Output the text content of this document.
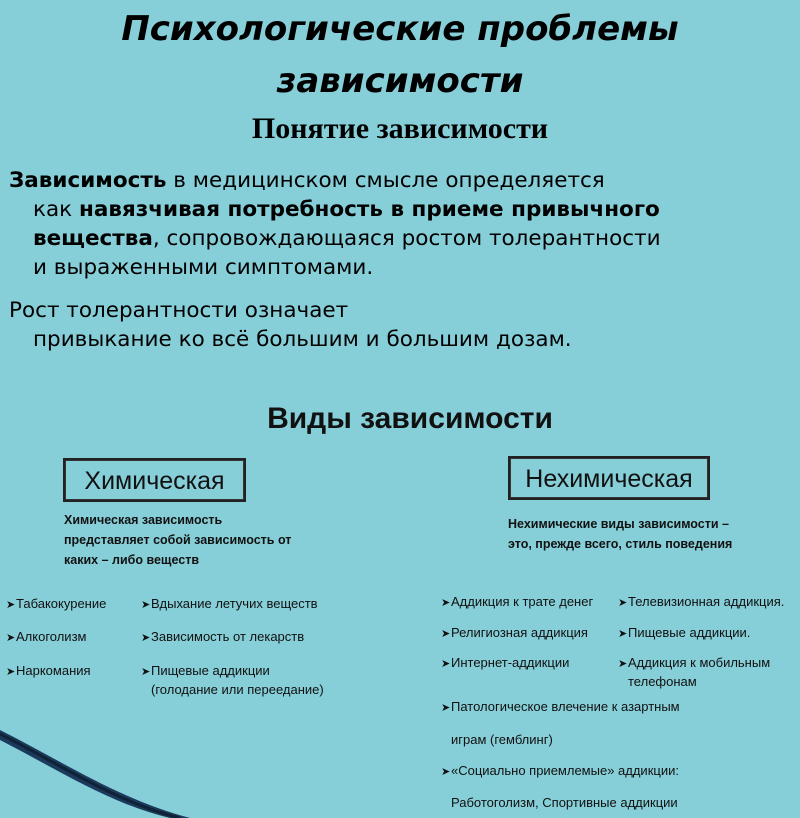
Психологические проблемы
зависимости
Понятие зависимости
Зависимость в медицинском смысле определяется
как навязчивая потребность в приеме привычного
вещества, сопровождающаяся ростом толерантности
и выраженными симптомами.
Рост толерантности означает
привыкание ко всё большим и большим дозам.
Виды зависимости
Химическая
Химическая зависимость
представляет собой зависимость от
каких – либо веществ
➤Табакокурение
➤Алкоголизм
➤Наркомания
➤Вдыхание летучих веществ
➤Зависимость от лекарств
➤Пищевые аддикции
(голодание или переедание)
Нехимическая
Нехимические виды зависимости –
это, прежде всего, стиль поведения
➤Аддикция к трате денег
➤Религиозная аддикция
➤Интернет-аддикции
➤Телевизионная аддикция.
➤Пищевые аддикции.
➤Аддикция к мобильным
телефонам
➤Патологическое влечение к азартным
играм (гемблинг)
➤«Социально приемлемые» аддикции:
Работоголизм, Спортивные аддикции
